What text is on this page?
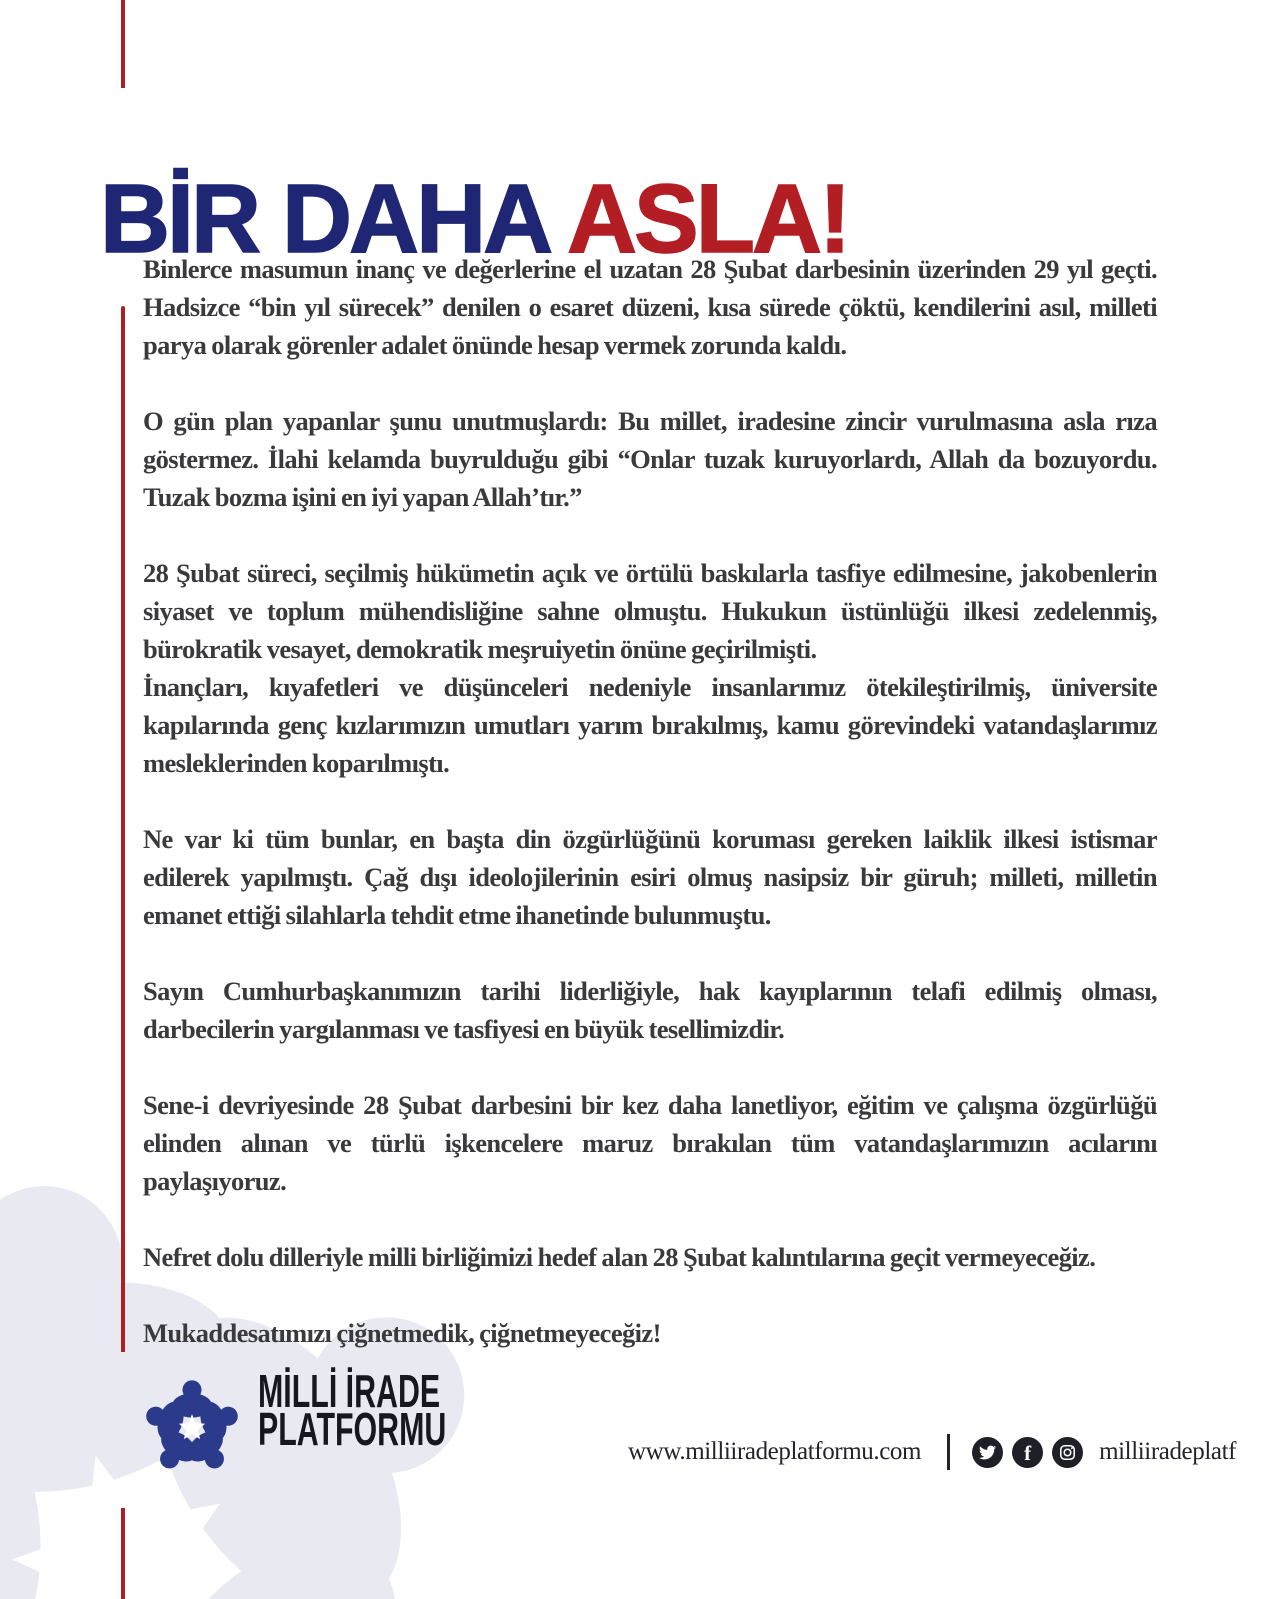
BİR DAHA ASLA!

Binlerce masumun inanç ve değerlerine el uzatan 28 Şubat darbesinin üzerinden 29 yıl geçti. Hadsizce “bin yıl sürecek” denilen o esaret düzeni, kısa sürede çöktü, kendilerini asıl, milleti parya olarak görenler adalet önünde hesap vermek zorunda kaldı.

O gün plan yapanlar şunu unutmuşlardı: Bu millet, iradesine zincir vurulmasına asla rıza göstermez. İlahi kelamda buyrulduğu gibi “Onlar tuzak kuruyorlardı, Allah da bozuyordu. Tuzak bozma işini en iyi yapan Allah’tır.”

28 Şubat süreci, seçilmiş hükümetin açık ve örtülü baskılarla tasfiye edilmesine, jakobenlerin siyaset ve toplum mühendisliğine sahne olmuştu. Hukukun üstünlüğü ilkesi zedelenmiş, bürokratik vesayet, demokratik meşruiyetin önüne geçirilmişti.

İnançları, kıyafetleri ve düşünceleri nedeniyle insanlarımız ötekileştirilmiş, üniversite kapılarında genç kızlarımızın umutları yarım bırakılmış, kamu görevindeki vatandaşlarımız mesleklerinden koparılmıştı.

Ne var ki tüm bunlar, en başta din özgürlüğünü koruması gereken laiklik ilkesi istismar edilerek yapılmıştı. Çağ dışı ideolojilerinin esiri olmuş nasipsiz bir güruh; milleti, milletin emanet ettiği silahlarla tehdit etme ihanetinde bulunmuştu.

Sayın Cumhurbaşkanımızın tarihi liderliğiyle, hak kayıplarının telafi edilmiş olması, darbecilerin yargılanması ve tasfiyesi en büyük tesellimizdir.

Sene-i devriyesinde 28 Şubat darbesini bir kez daha lanetliyor, eğitim ve çalışma özgürlüğü elinden alınan ve türlü işkencelere maruz bırakılan tüm vatandaşlarımızın acılarını paylaşıyoruz.

Nefret dolu dilleriyle milli birliğimizi hedef alan 28 Şubat kalıntılarına geçit vermeyeceğiz.

Mukaddesatımızı çiğnetmedik, çiğnetmeyeceğiz!

MİLLİ İRADE
PLATFORMU	www.milliiradeplatformu.com	f	milliiradeplatf
